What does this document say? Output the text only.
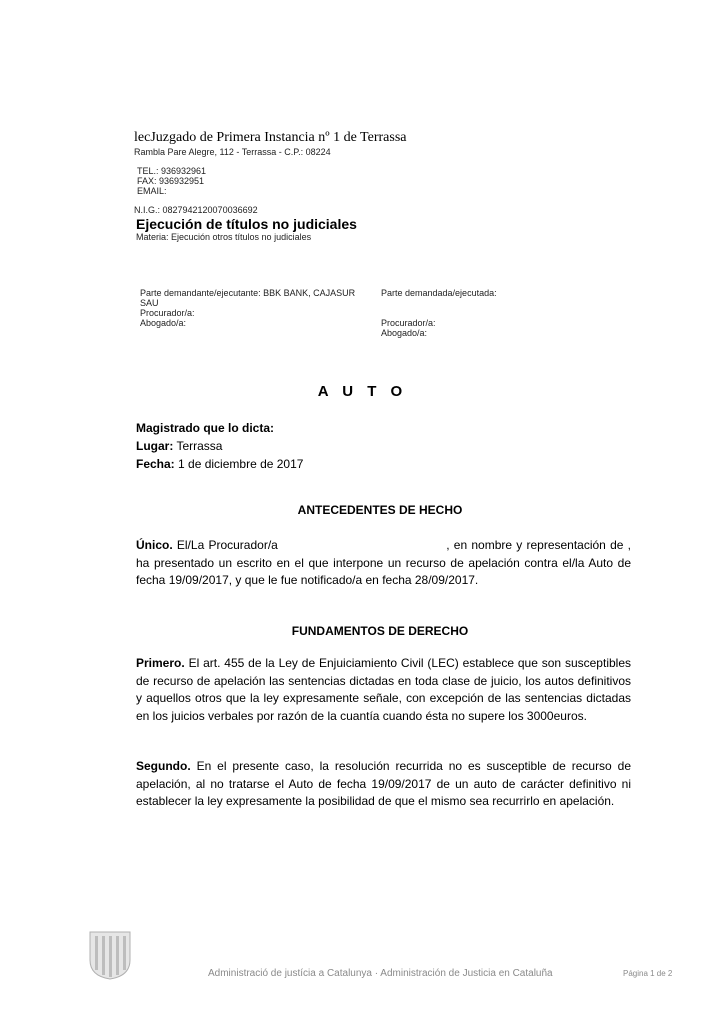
lecJuzgado de Primera Instancia nº 1 de Terrassa
Rambla Pare Alegre, 112 - Terrassa - C.P.: 08224
TEL.: 936932961
FAX: 936932951
EMAIL:
N.I.G.: 0827942120070036692
Ejecución de títulos no judiciales
Materia: Ejecución otros títulos no judiciales
Parte demandante/ejecutante: BBK BANK, CAJASUR SAU
Procurador/a:
Abogado/a:
Parte demandada/ejecutada:
Procurador/a:
Abogado/a:
A U T O
Magistrado que lo dicta:
Lugar: Terrassa
Fecha: 1 de diciembre de 2017
ANTECEDENTES DE HECHO
Único. El/La Procurador/a	, en nombre y representación de , ha presentado un escrito en el que interpone un recurso de apelación contra el/la Auto de fecha 19/09/2017, y que le fue notificado/a en fecha 28/09/2017.
FUNDAMENTOS DE DERECHO
Primero. El art. 455 de la Ley de Enjuiciamiento Civil (LEC) establece que son susceptibles de recurso de apelación las sentencias dictadas en toda clase de juicio, los autos definitivos y aquellos otros que la ley expresamente señale, con excepción de las sentencias dictadas en los juicios verbales por razón de la cuantía cuando ésta no supere los 3000euros.
Segundo. En el presente caso, la resolución recurrida no es susceptible de recurso de apelación, al no tratarse el Auto de fecha 19/09/2017 de un auto de carácter definitivo ni establecer la ley expresamente la posibilidad de que el mismo sea recurrirlo en apelación.
Administració de justícia a Catalunya · Administración de Justicia en Cataluña	Página 1 de 2
